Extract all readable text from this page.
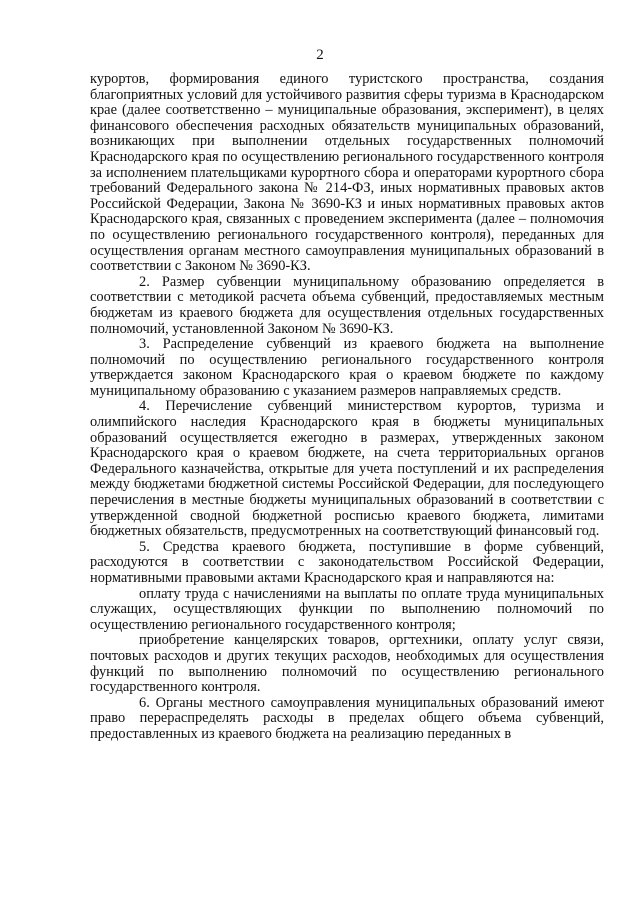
2

курортов, формирования единого туристского пространства, создания благоприятных условий для устойчивого развития сферы туризма в Краснодарском крае (далее соответственно – муниципальные образования, эксперимент), в целях финансового обеспечения расходных обязательств муниципальных образований, возникающих при выполнении отдельных государственных полномочий Краснодарского края по осуществлению регионального государственного контроля за исполнением плательщиками курортного сбора и операторами курортного сбора требований Федерального закона № 214-ФЗ, иных нормативных правовых актов Российской Федерации, Закона № 3690-КЗ и иных нормативных правовых актов Краснодарского края, связанных с проведением эксперимента (далее – полномочия по осуществлению регионального государственного контроля), переданных для осуществления органам местного самоуправления муниципальных образований в соответствии с Законом № 3690-КЗ.

2. Размер субвенции муниципальному образованию определяется в соответствии с методикой расчета объема субвенций, предоставляемых местным бюджетам из краевого бюджета для осуществления отдельных государственных полномочий, установленной Законом № 3690-КЗ.

3. Распределение субвенций из краевого бюджета на выполнение полномочий по осуществлению регионального государственного контроля утверждается законом Краснодарского края о краевом бюджете по каждому муниципальному образованию с указанием размеров направляемых средств.

4. Перечисление субвенций министерством курортов, туризма и олимпийского наследия Краснодарского края в бюджеты муниципальных образований осуществляется ежегодно в размерах, утвержденных законом Краснодарского края о краевом бюджете, на счета территориальных органов Федерального казначейства, открытые для учета поступлений и их распределения между бюджетами бюджетной системы Российской Федерации, для последующего перечисления в местные бюджеты муниципальных образований в соответствии с утвержденной сводной бюджетной росписью краевого бюджета, лимитами бюджетных обязательств, предусмотренных на соответствующий финансовый год.

5. Средства краевого бюджета, поступившие в форме субвенций, расходуются в соответствии с законодательством Российской Федерации, нормативными правовыми актами Краснодарского края и направляются на:

оплату труда с начислениями на выплаты по оплате труда муниципальных служащих, осуществляющих функции по выполнению полномочий по осуществлению регионального государственного контроля;

приобретение канцелярских товаров, оргтехники, оплату услуг связи, почтовых расходов и других текущих расходов, необходимых для осуществления функций по выполнению полномочий по осуществлению регионального государственного контроля.

6. Органы местного самоуправления муниципальных образований имеют право перераспределять расходы в пределах общего объема субвенций, предоставленных из краевого бюджета на реализацию переданных в
